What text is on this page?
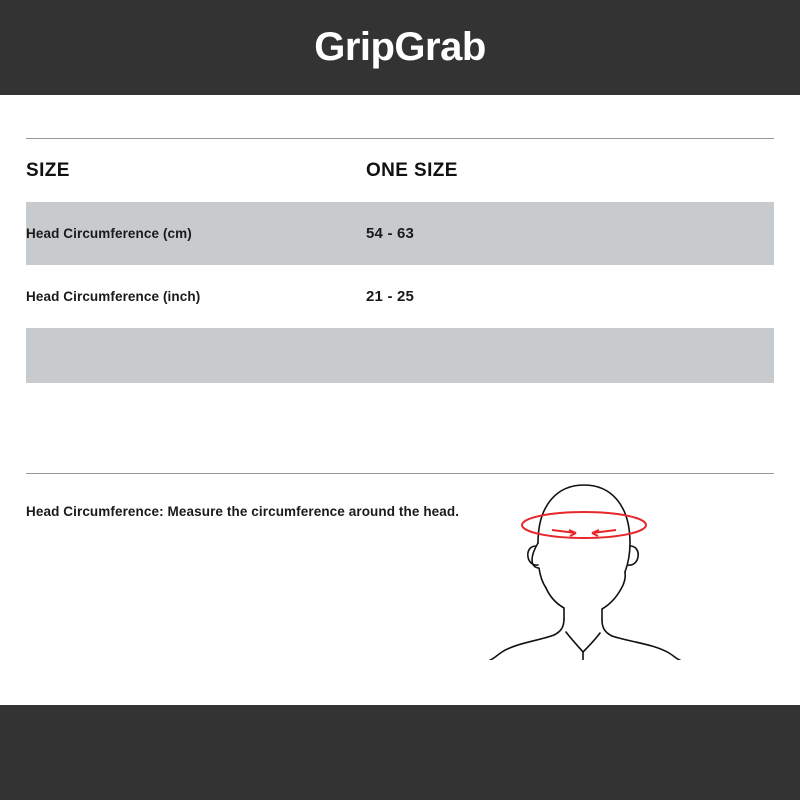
GripGrab
SIZE	ONE SIZE
Head Circumference (cm)	54 - 63
Head Circumference (inch)	21 - 25

Head Circumference: Measure the circumference around the head.
